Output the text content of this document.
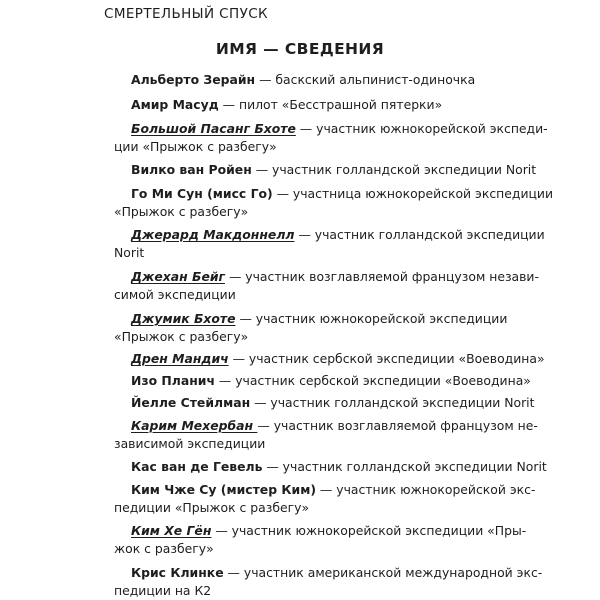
СМЕРТЕЛЬНЫЙ СПУСК
ИМЯ — СВЕДЕНИЯ
Альберто Зерайн — баскский альпинист-одиночка
Амир Масуд — пилот «Бесстрашной пятерки»
Большой Пасанг Бхоте — участник южнокорейской экспеди-
ции «Прыжок с разбегу»
Вилко ван Ройен — участник голландской экспедиции Norit
Го Ми Сун (мисс Го) — участница южнокорейской экспедиции
«Прыжок с разбегу»
Джерард Макдоннелл — участник голландской экспедиции
Norit
Джехан Бейг — участник возглавляемой французом незави-
симой экспедиции
Джумик Бхоте — участник южнокорейской экспедиции
«Прыжок с разбегу»
Дрен Мандич — участник сербской экспедиции «Воеводина»
Изо Планич — участник сербской экспедиции «Воеводина»
Йелле Стейлман — участник голландской экспедиции Norit
Карим Мехербан — участник возглавляемой французом не-
зависимой экспедиции
Кас ван де Гевель — участник голландской экспедиции Norit
Ким Чже Су (мистер Ким) — участник южнокорейской экс-
педиции «Прыжок с разбегу»
Ким Хе Гён — участник южнокорейской экспедиции «Пры-
жок с разбегу»
Крис Клинке — участник американской международной экс-
педиции на К2
